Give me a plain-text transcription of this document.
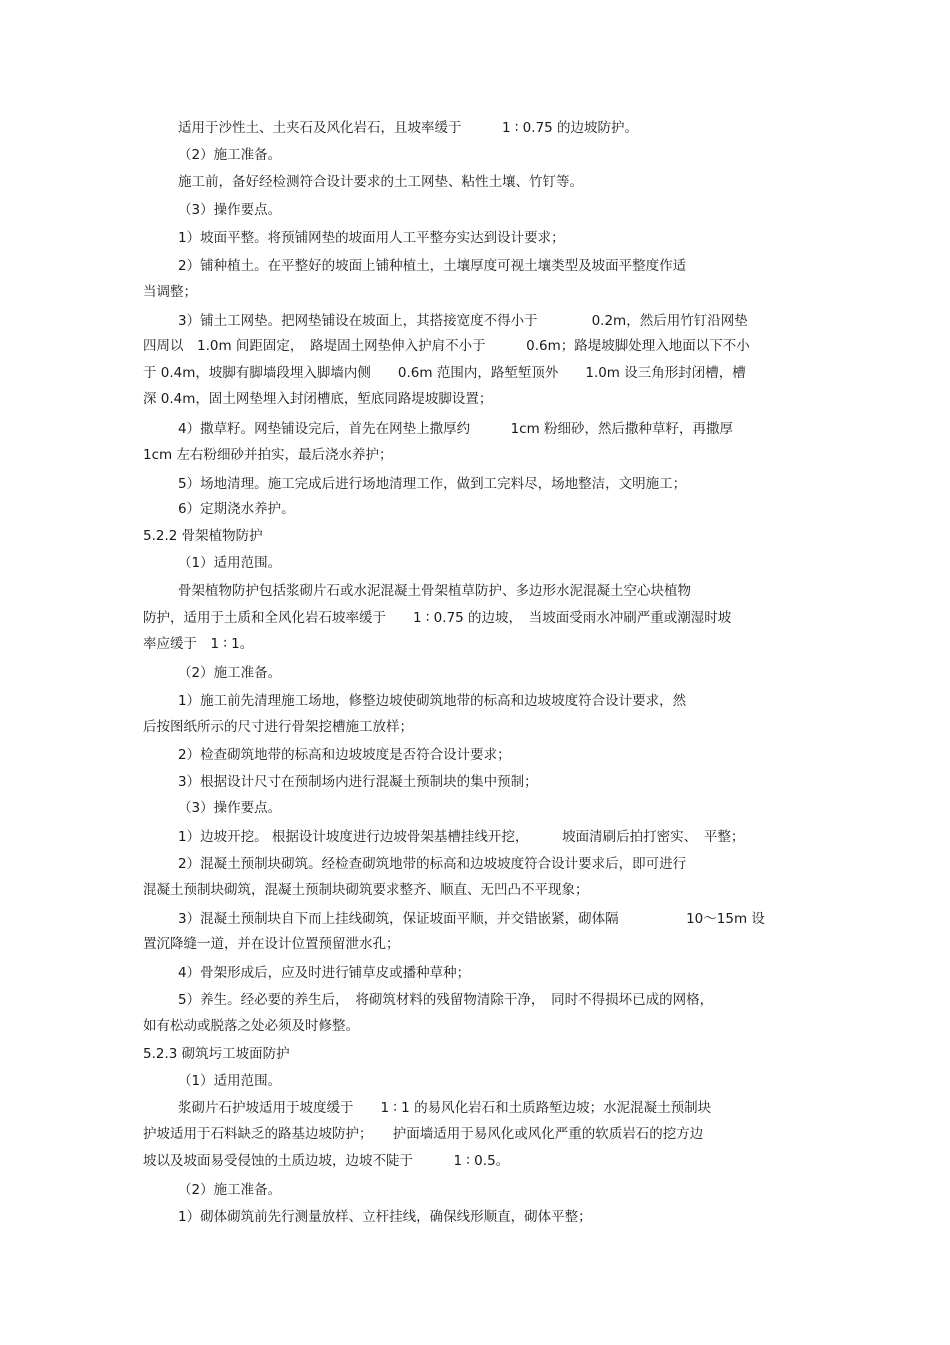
适用于沙性土、土夹石及风化岩石，且坡率缓于　　　1 ∶ 0.75 的边坡防护。
（2）施工准备。
施工前，备好经检测符合设计要求的土工网垫、粘性土壤、竹钉等。
（3）操作要点。
1）坡面平整。将预铺网垫的坡面用人工平整夯实达到设计要求；
2）铺种植土。在平整好的坡面上铺种植土，土壤厚度可视土壤类型及坡面平整度作适
当调整；
3）铺土工网垫。把网垫铺设在坡面上，其搭接宽度不得小于　　　　0.2m，然后用竹钉沿网垫
四周以　1.0m 间距固定，　路堤固土网垫伸入护肩不小于　　　0.6m；路堤坡脚处理入地面以下不小
于 0.4m，坡脚有脚墙段埋入脚墙内侧　　0.6m 范围内，路堑堑顶外　　1.0m 设三角形封闭槽，槽
深 0.4m，固土网垫埋入封闭槽底，堑底同路堤坡脚设置；
4）撒草籽。网垫铺设完后，首先在网垫上撒厚约　　　1cm 粉细砂，然后撒种草籽，再撒厚
1cm 左右粉细砂并拍实，最后浇水养护；
5）场地清理。施工完成后进行场地清理工作，做到工完料尽，场地整洁，文明施工；
6）定期浇水养护。
5.2.2 骨架植物防护
（1）适用范围。
骨架植物防护包括浆砌片石或水泥混凝土骨架植草防护、多边形水泥混凝土空心块植物
防护，适用于土质和全风化岩石坡率缓于　　1 ∶ 0.75 的边坡，　当坡面受雨水冲刷严重或潮湿时坡
率应缓于　1 ∶ 1。
（2）施工准备。
1）施工前先清理施工场地，修整边坡使砌筑地带的标高和边坡坡度符合设计要求，然
后按图纸所示的尺寸进行骨架挖槽施工放样；
2）检查砌筑地带的标高和边坡坡度是否符合设计要求；
3）根据设计尺寸在预制场内进行混凝土预制块的集中预制；
（3）操作要点。
1）边坡开挖。 根据设计坡度进行边坡骨架基槽挂线开挖，　　　坡面清刷后拍打密实、　平整；
2）混凝土预制块砌筑。经检查砌筑地带的标高和边坡坡度符合设计要求后，即可进行
混凝土预制块砌筑，混凝土预制块砌筑要求整齐、顺直、无凹凸不平现象；
3）混凝土预制块自下而上挂线砌筑，保证坡面平顺，并交错嵌紧，砌体隔　　　　　10～15m 设
置沉降缝一道，并在设计位置预留泄水孔；
4）骨架形成后，应及时进行铺草皮或播种草种；
5）养生。经必要的养生后，　将砌筑材料的残留物清除干净，　同时不得损坏已成的网格，
如有松动或脱落之处必须及时修整。
5.2.3 砌筑圬工坡面防护
（1）适用范围。
浆砌片石护坡适用于坡度缓于　　1 ∶ 1 的易风化岩石和土质路堑边坡；水泥混凝土预制块
护坡适用于石料缺乏的路基边坡防护；　　护面墙适用于易风化或风化严重的软质岩石的挖方边
坡以及坡面易受侵蚀的土质边坡，边坡不陡于　　　1 ∶ 0.5。
（2）施工准备。
1）砌体砌筑前先行测量放样、立杆挂线，确保线形顺直，砌体平整；
